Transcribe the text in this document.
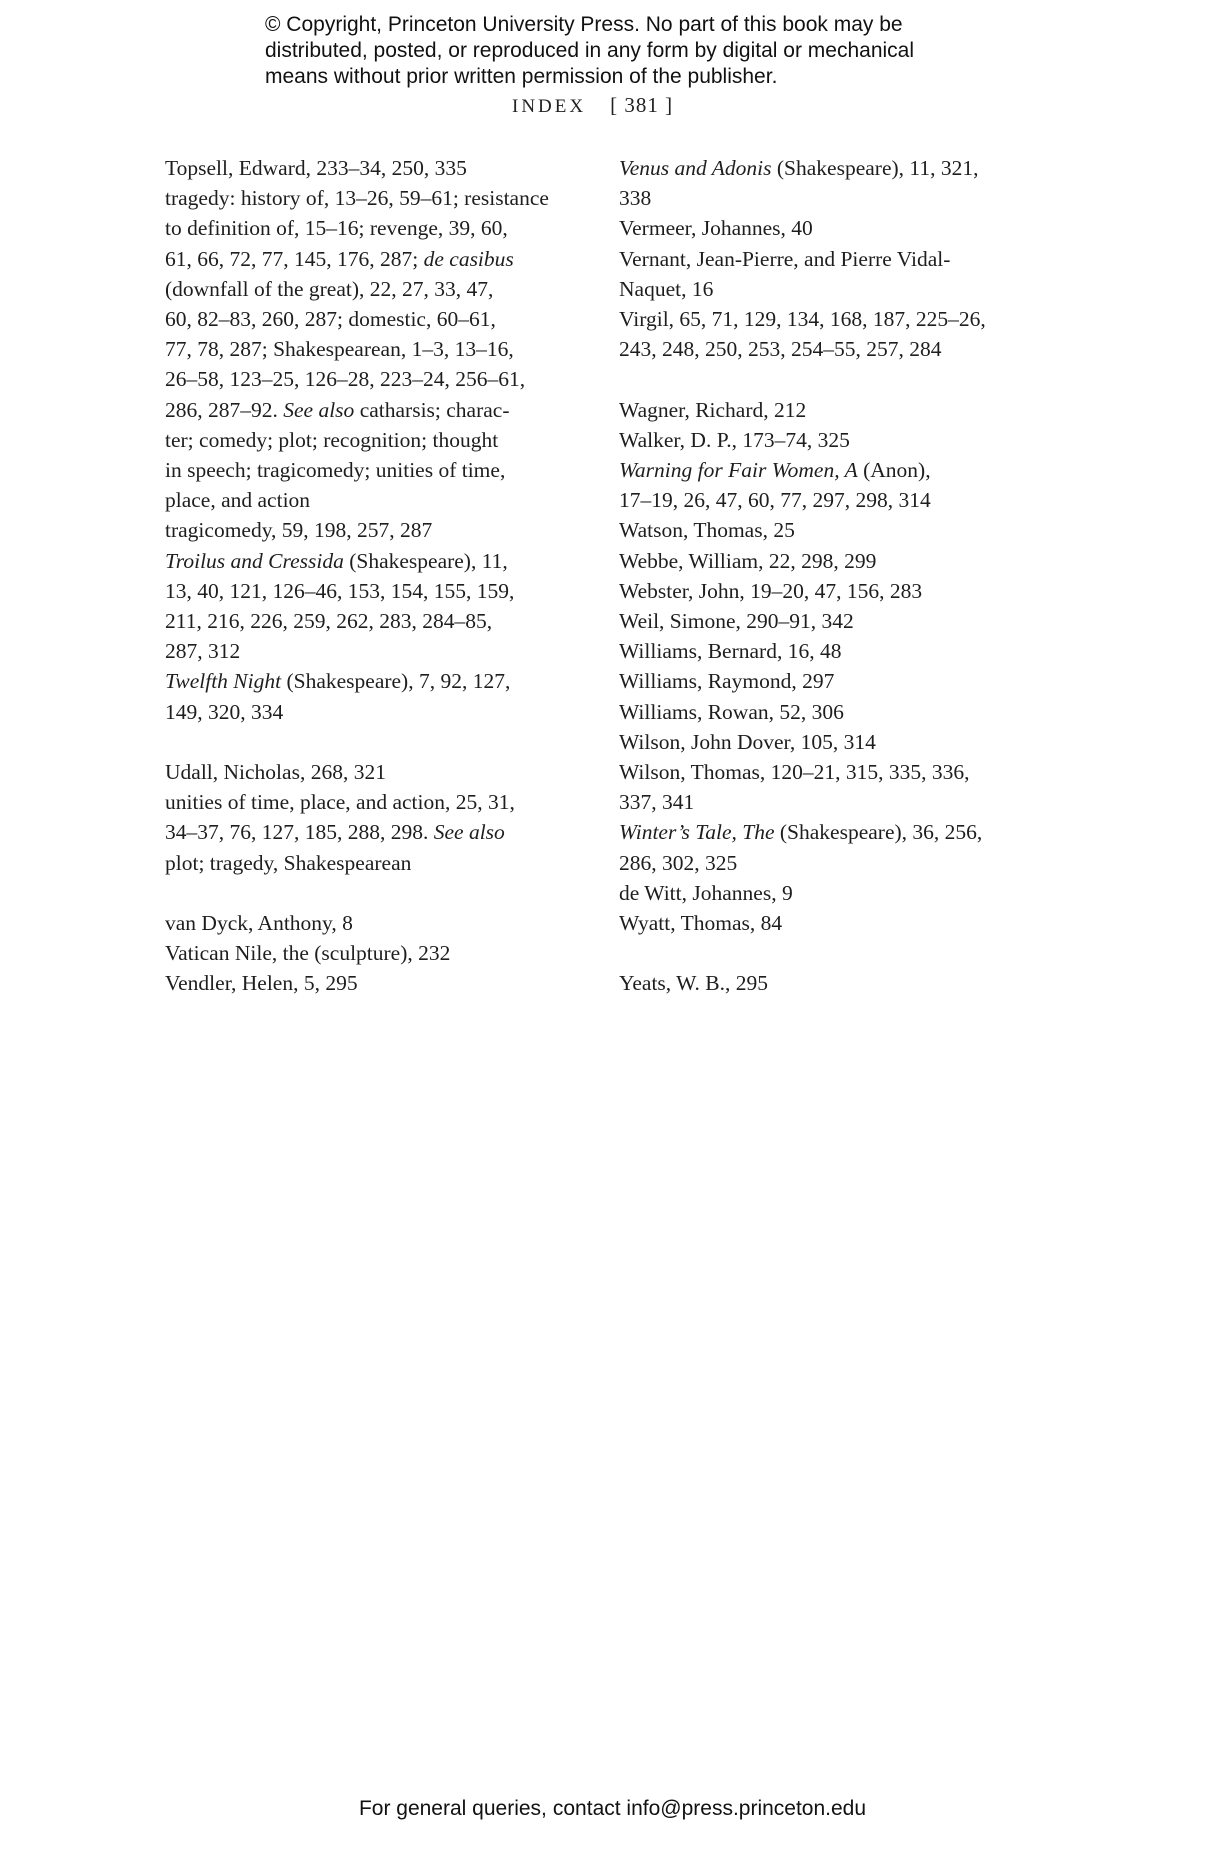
© Copyright, Princeton University Press. No part of this book may be
distributed, posted, or reproduced in any form by digital or mechanical
means without prior written permission of the publisher.
INDEX [ 381 ]
Topsell, Edward, 233–34, 250, 335
tragedy: history of, 13–26, 59–61; resistance
to definition of, 15–16; revenge, 39, 60,
61, 66, 72, 77, 145, 176, 287; de casibus
(downfall of the great), 22, 27, 33, 47,
60, 82–83, 260, 287; domestic, 60–61,
77, 78, 287; Shakespearean, 1–3, 13–16,
26–58, 123–25, 126–28, 223–24, 256–61,
286, 287–92. See also catharsis; charac-
ter; comedy; plot; recognition; thought
in speech; tragicomedy; unities of time,
place, and action
tragicomedy, 59, 198, 257, 287
Troilus and Cressida (Shakespeare), 11,
13, 40, 121, 126–46, 153, 154, 155, 159,
211, 216, 226, 259, 262, 283, 284–85,
287, 312
Twelfth Night (Shakespeare), 7, 92, 127,
149, 320, 334
Udall, Nicholas, 268, 321
unities of time, place, and action, 25, 31,
34–37, 76, 127, 185, 288, 298. See also
plot; tragedy, Shakespearean
van Dyck, Anthony, 8
Vatican Nile, the (sculpture), 232
Vendler, Helen, 5, 295
Venus and Adonis (Shakespeare), 11, 321,
338
Vermeer, Johannes, 40
Vernant, Jean-Pierre, and Pierre Vidal-
Naquet, 16
Virgil, 65, 71, 129, 134, 168, 187, 225–26,
243, 248, 250, 253, 254–55, 257, 284
Wagner, Richard, 212
Walker, D. P., 173–74, 325
Warning for Fair Women, A (Anon),
17–19, 26, 47, 60, 77, 297, 298, 314
Watson, Thomas, 25
Webbe, William, 22, 298, 299
Webster, John, 19–20, 47, 156, 283
Weil, Simone, 290–91, 342
Williams, Bernard, 16, 48
Williams, Raymond, 297
Williams, Rowan, 52, 306
Wilson, John Dover, 105, 314
Wilson, Thomas, 120–21, 315, 335, 336,
337, 341
Winter’s Tale, The (Shakespeare), 36, 256,
286, 302, 325
de Witt, Johannes, 9
Wyatt, Thomas, 84
Yeats, W. B., 295
For general queries, contact info@press.princeton.edu
